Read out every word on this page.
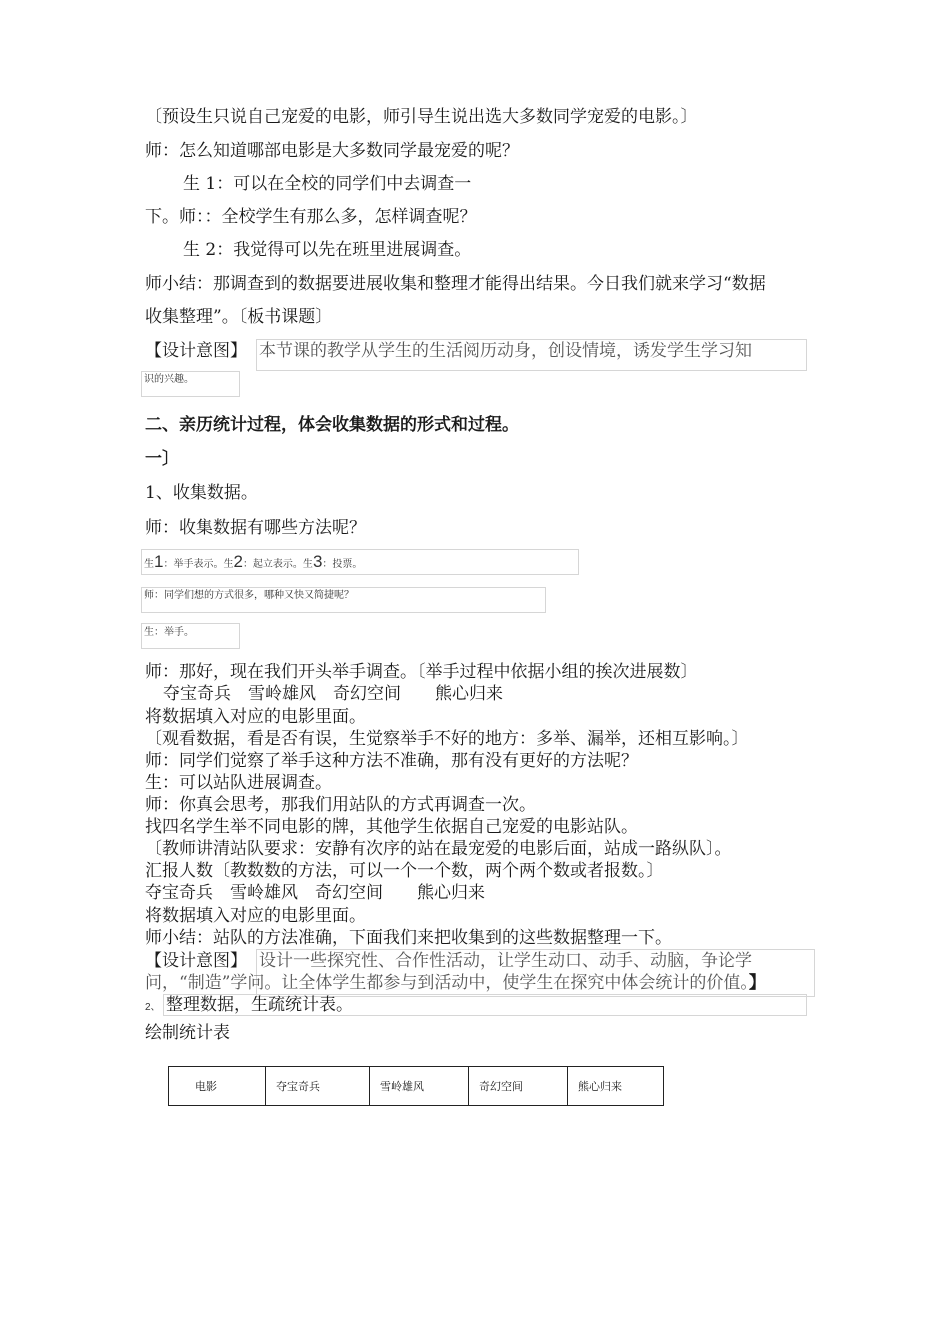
〔预设生只说自己宠爱的电影，师引导生说出选大多数同学宠爱的电影。〕
师：怎么知道哪部电影是大多数同学最宠爱的呢？
生 1：可以在全校的同学们中去调查一
下。师：：全校学生有那么多，怎样调查呢？
生 2：我觉得可以先在班里进展调查。
师小结：那调查到的数据要进展收集和整理才能得出结果。今日我们就来学习“数据
收集整理”。〔板书课题〕
【设计意图】 本节课的教学从学生的生活阅历动身，创设情境，诱发学生学习知
识的兴趣。
二、亲历统计过程，体会收集数据的形式和过程。
一〕
1、收集数据。
师：收集数据有哪些方法呢？
生1：举手表示。生2：起立表示。生3：投票。
师：同学们想的方式很多，哪种又快又简捷呢？
生：举手。
师：那好，现在我们开头举手调查。〔举手过程中依据小组的挨次进展数〕
夺宝奇兵　雪岭雄风　奇幻空间　　熊心归来
将数据填入对应的电影里面。
〔观看数据，看是否有误，生觉察举手不好的地方：多举、漏举，还相互影响。〕
师：同学们觉察了举手这种方法不准确，那有没有更好的方法呢？
生：可以站队进展调查。
师：你真会思考，那我们用站队的方式再调查一次。
找四名学生举不同电影的牌，其他学生依据自己宠爱的电影站队。
〔教师讲清站队要求：安静有次序的站在最宠爱的电影后面，站成一路纵队〕。
汇报人数〔教数数的方法，可以一个一个数，两个两个数或者报数。〕
夺宝奇兵　雪岭雄风　奇幻空间　　熊心归来
将数据填入对应的电影里面。
师小结：站队的方法准确，下面我们来把收集到的这些数据整理一下。
【设计意图】 设计一些探究性、合作性活动，让学生动口、动手、动脑，争论学
问，“制造”学问。让全体学生都参与到活动中，使学生在探究中体会统计的价值。】
2、 整理数据，生疏统计表。
绘制统计表
电影	夺宝奇兵	雪岭雄风	奇幻空间	熊心归来
